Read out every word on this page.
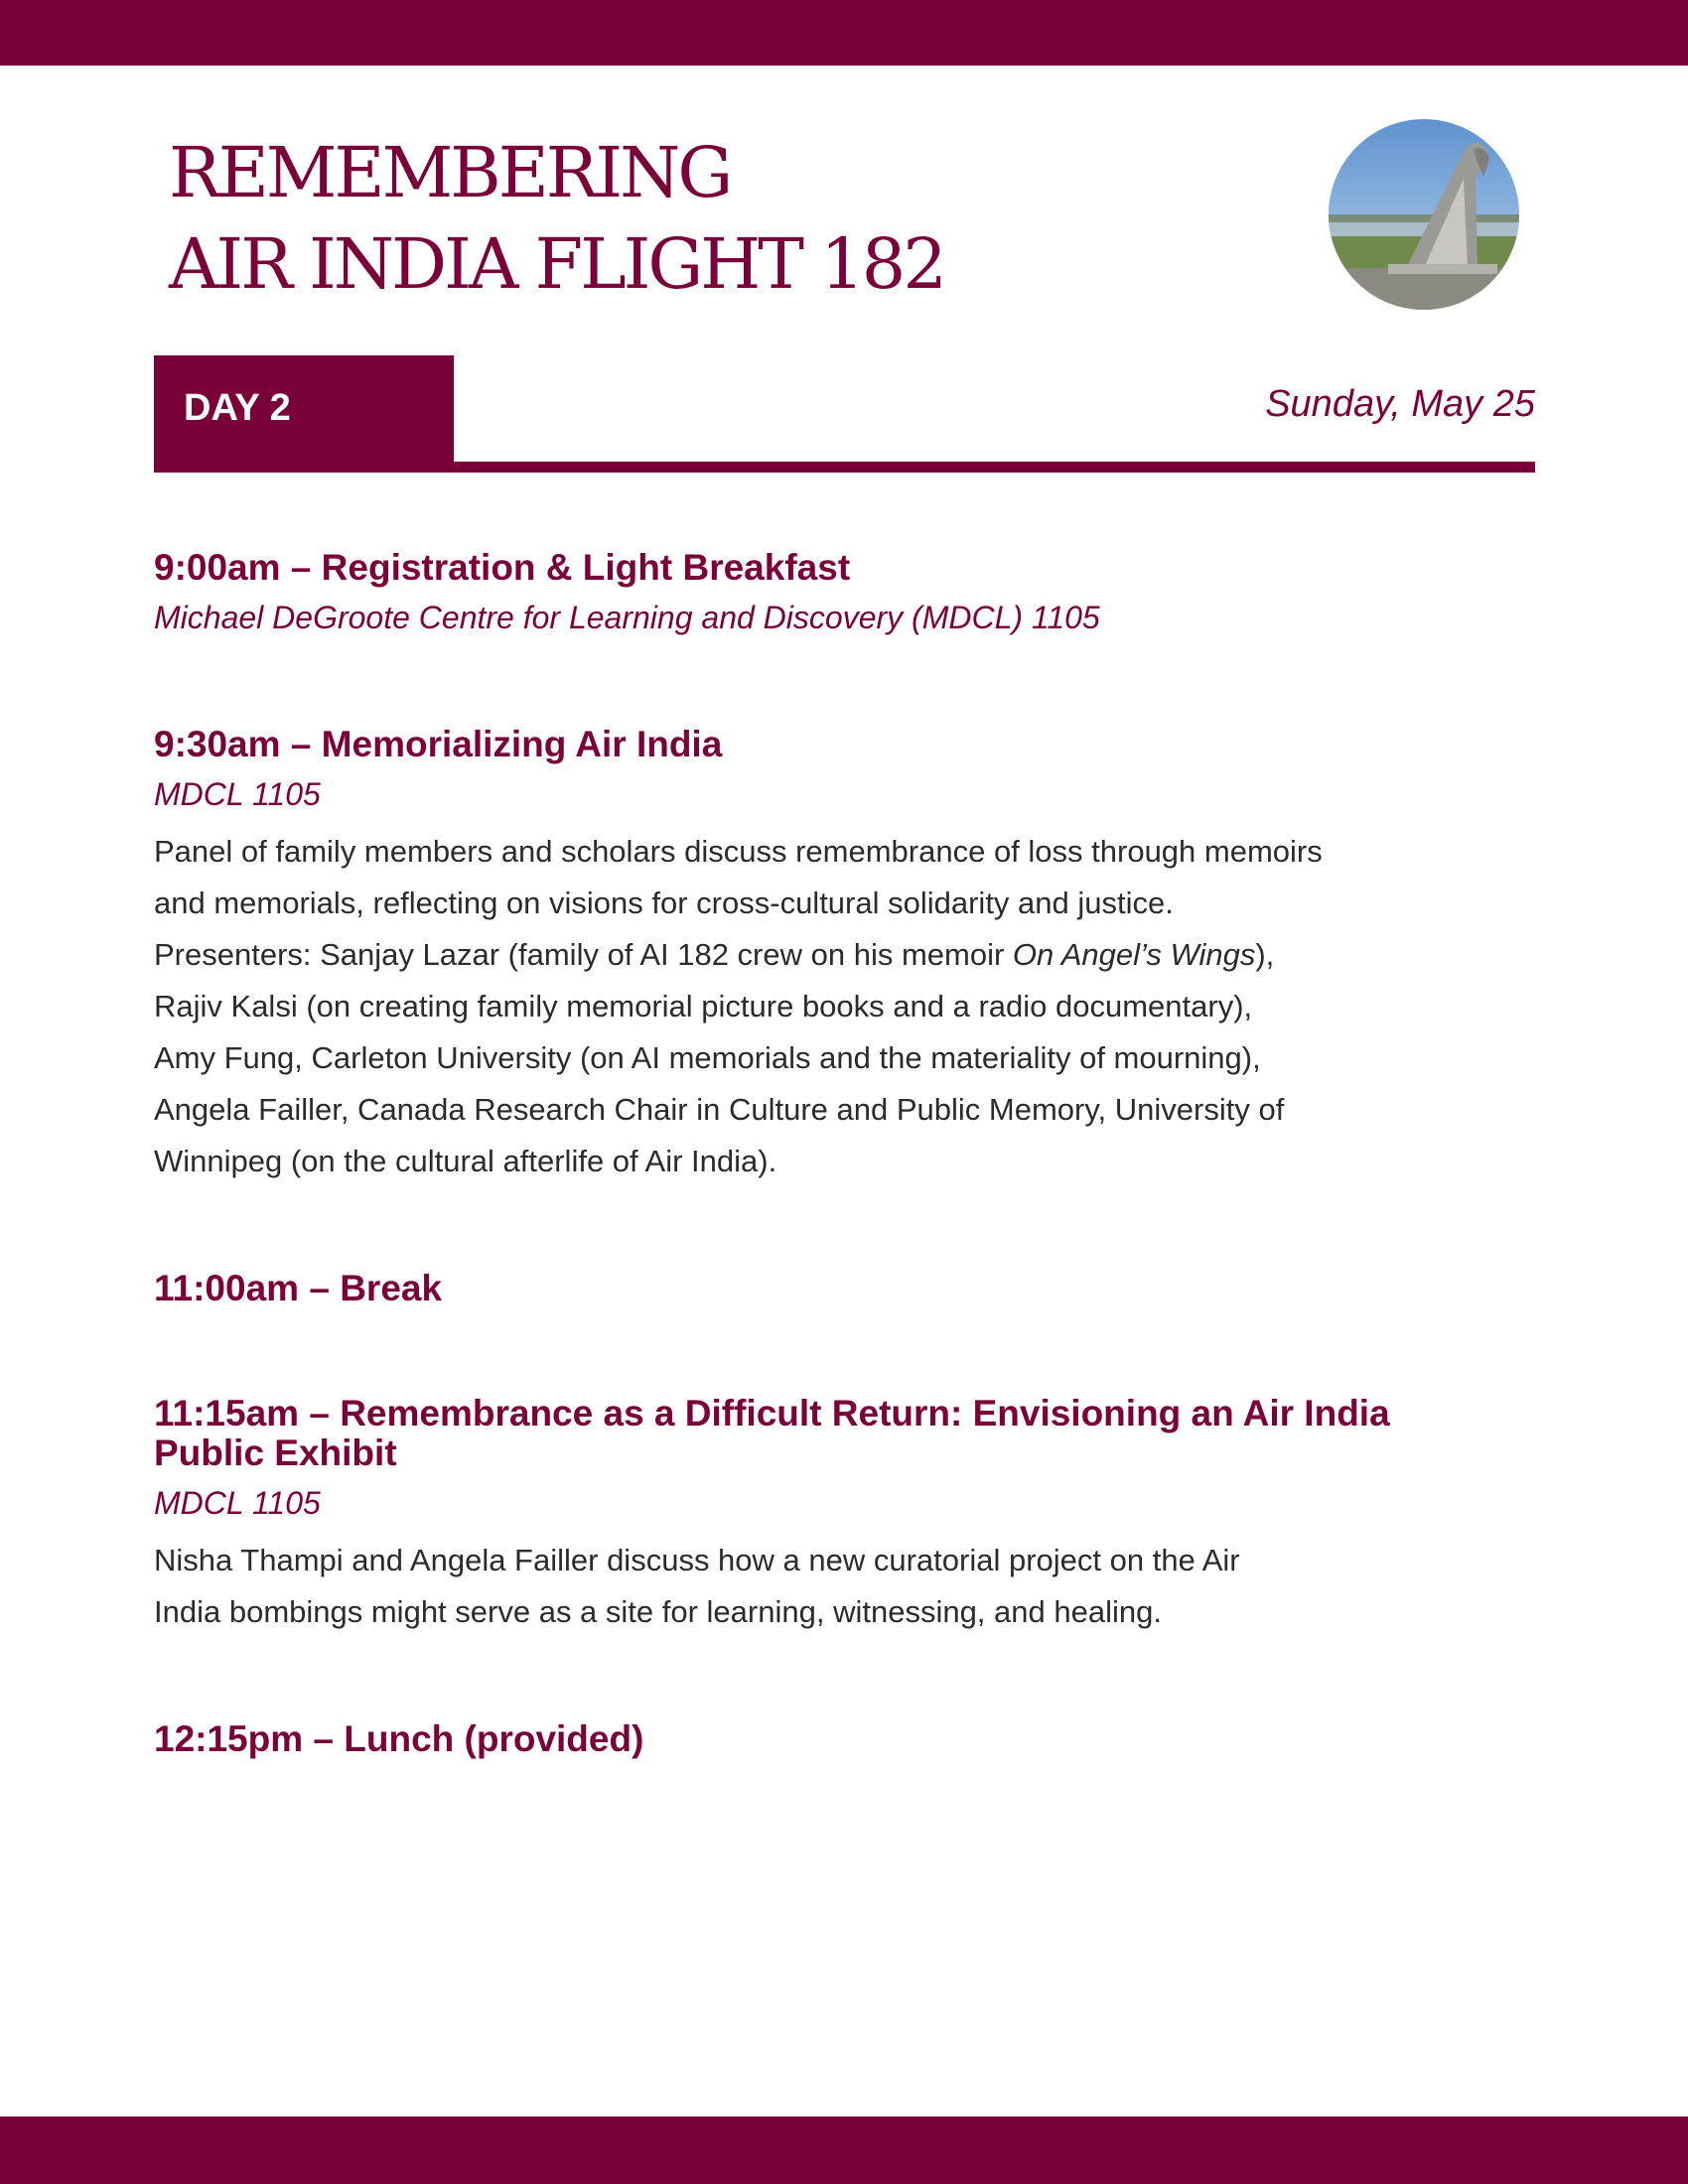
REMEMBERING
AIR INDIA FLIGHT 182
DAY 2	Sunday, May 25
9:00am – Registration & Light Breakfast
Michael DeGroote Centre for Learning and Discovery (MDCL) 1105
9:30am – Memorializing Air India
MDCL 1105
Panel of family members and scholars discuss remembrance of loss through memoirs
and memorials, reflecting on visions for cross-cultural solidarity and justice.
Presenters: Sanjay Lazar (family of AI 182 crew on his memoir On Angel’s Wings),
Rajiv Kalsi (on creating family memorial picture books and a radio documentary),
Amy Fung, Carleton University (on AI memorials and the materiality of mourning),
Angela Failler, Canada Research Chair in Culture and Public Memory, University of
Winnipeg (on the cultural afterlife of Air India).
11:00am – Break
11:15am – Remembrance as a Difficult Return: Envisioning an Air India
Public Exhibit
MDCL 1105
Nisha Thampi and Angela Failler discuss how a new curatorial project on the Air
India bombings might serve as a site for learning, witnessing, and healing.
12:15pm – Lunch (provided)
